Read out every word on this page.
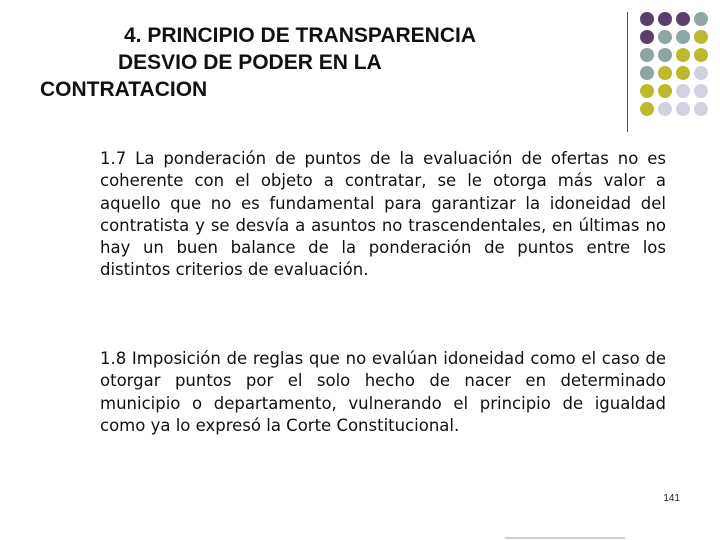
4. PRINCIPIO DE TRANSPARENCIA
DESVIO DE PODER EN LA
CONTRATACION
1.7 La ponderación de puntos de la evaluación de ofertas no es coherente con el objeto a contratar, se le otorga más valor a aquello que no es fundamental para garantizar la idoneidad del contratista y se desvía a asuntos no trascendentales, en últimas no hay un buen balance de la ponderación de puntos entre los distintos criterios de evaluación.
1.8 Imposición de reglas que no evalúan idoneidad como el caso de otorgar puntos por el solo hecho de nacer en determinado municipio o departamento, vulnerando el principio de igualdad como ya lo expresó la Corte Constitucional.
141
